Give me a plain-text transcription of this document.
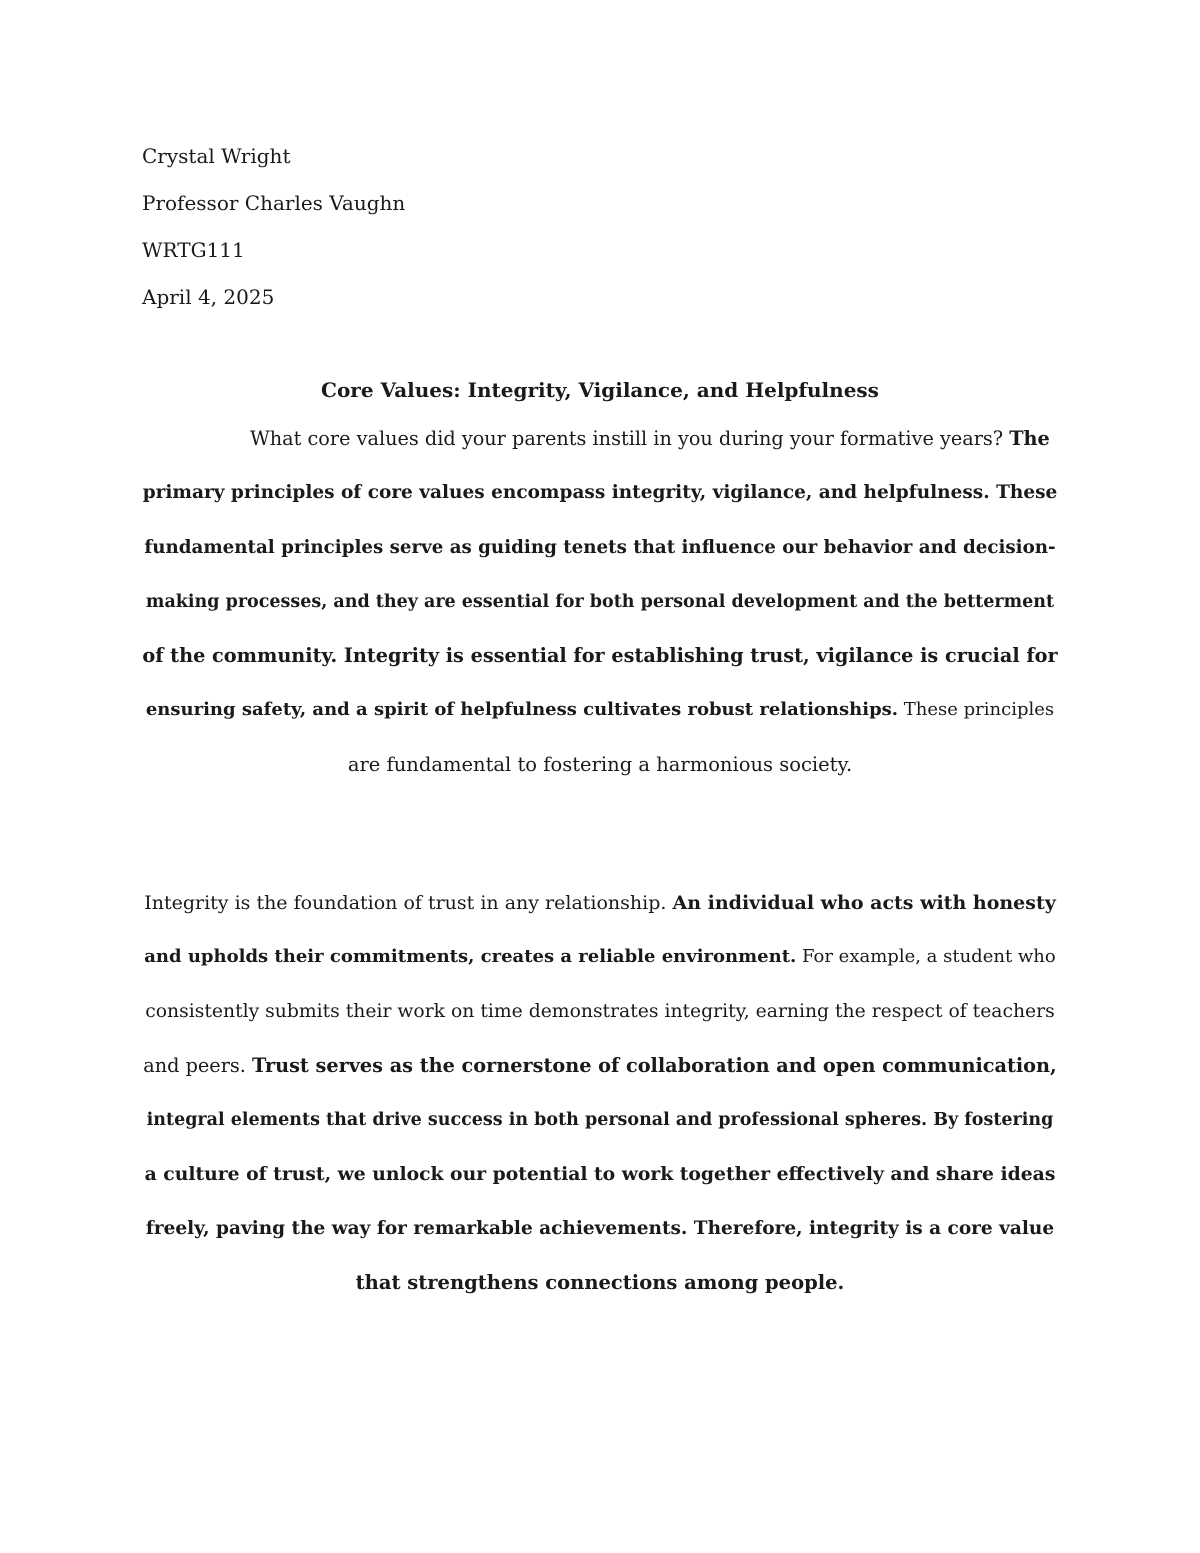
Crystal Wright
Professor Charles Vaughn
WRTG111
April 4, 2025
Core Values: Integrity, Vigilance, and Helpfulness
What core values did your parents instill in you during your formative years? The
primary principles of core values encompass integrity, vigilance, and helpfulness. These
fundamental principles serve as guiding tenets that influence our behavior and decision-
making processes, and they are essential for both personal development and the betterment
of the community. Integrity is essential for establishing trust, vigilance is crucial for
ensuring safety, and a spirit of helpfulness cultivates robust relationships. These principles
are fundamental to fostering a harmonious society.
Integrity is the foundation of trust in any relationship. An individual who acts with honesty
and upholds their commitments, creates a reliable environment. For example, a student who
consistently submits their work on time demonstrates integrity, earning the respect of teachers
and peers. Trust serves as the cornerstone of collaboration and open communication,
integral elements that drive success in both personal and professional spheres. By fostering
a culture of trust, we unlock our potential to work together effectively and share ideas
freely, paving the way for remarkable achievements. Therefore, integrity is a core value
that strengthens connections among people.
